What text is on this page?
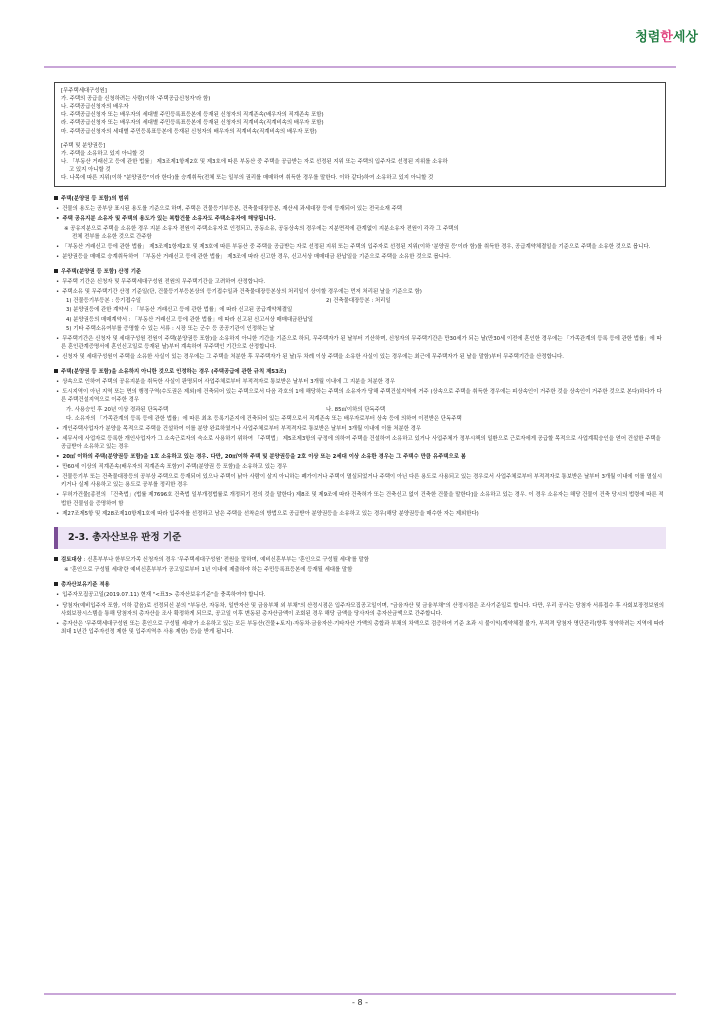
청렴한세상

[무주택세대구성원]

가. 주택의 공급을 신청하려는 사람(이하 '주택공급신청자'라 함)

나. 주택공급신청자의 배우자

다. 주택공급신청자 또는 배우자의 세대별 주민등록표등본에 등재된 신청자의 직계존속(배우자의 직계존속 포함)

라. 주택공급신청자 또는 배우자의 세대별 주민등록표등본에 등재된 신청자의 직계비속(직계비속의 배우자 포함)

마. 주택공급신청자의 세대별 주민등록표등본에 등재된 신청자의 배우자의 직계비속(직계비속의 배우자 포함)

[주택 및 분양권등]

가. 주택을 소유하고 있지 아니할 것

나. 「부동산 거래신고 등에 관한 법률」 제3조제1항제2호 및 제3호에 따른 부동산 중 주택을 공급받는 자로 선정된 지위 또는 주택의 입주자로 선정된 지위를 소유하

고 있지 아니할 것

다. 나목에 따른 지위(이하 "분양권등"이라 한다)를 승계취득(전체 또는 일부의 권리를 매매하여 취득한 경우를 말한다. 이하 같다)하여 소유하고 있지 아니할 것

주택(분양권 등 포함)의 범위

• 건물의 용도는 공부상 표시된 용도를 기준으로 하며, 주택은 건물등기부등본, 건축물대장등본, 재산세 과세대장 등에 등재되어 있는 전국소재 주택

• 주택 공유지분 소유자 및 주택의 용도가 있는 복합건물 소유자도 주택소유자에 해당됩니다.

※ 공유지분으로 주택을 소유한 경우 지분 소유자 전원이 주택소유자로 인정되고, 공동소유, 공동상속의 경우에는 지분면적에 관계없이 지분소유자 전원이 각각 그 주택의

전체 전부를 소유한 것으로 간주함

• 「부동산 거래신고 등에 관한 법률」 제3조제1항제2호 및 제3호에 따른 부동산 중 주택을 공급받는 자로 선정된 지위 또는 주택의 입주자로 선정된 지위(이하 '분양권 등'이라 함)를 취득한 경우, 공급계약체결일을 기준으로 주택을 소유한 것으로 봅니다.

• 분양권등을 매매로 승계취득하여 「부동산 거래신고 등에 관한 법률」 제3조에 따라 신고한 경우, 신고서상 매매대금 완납일을 기준으로 주택을 소유한 것으로 봅니다.

우주택(분양권 등 포함) 산정 기준

• 무주택 기간은 신청자 및 무주택세대구성원 전원의 무주택기간을 고려하여 산정합니다.

• 주택소유 및 무주택기간 산정 기준일(단, 건물등기부등본상의 등기접수일과 건축물대장등본상의 처리일이 상이할 경우에는 먼저 처리된 날을 기준으로 함)

1) 건물등기부등본 : 등기접수일	2) 건축물대장등본 : 처리일

3) 분양권등에 관한 계약서 : 「부동산 거래신고 등에 관한 법률」에 따라 신고된 공급계약체결일

4) 분양권등의 매매계약서 : 「부동산 거래신고 등에 관한 법률」에 따라 신고된 신고서상 매매대금완납일

5) 기타 주택소유여부를 증명할 수 있는 서류 : 시장 또는 군수 등 공공기관이 인정하는 날

• 무주택기간은 신청자 및 세대구성원 전원이 주택(분양권등 포함)을 소유하지 아니한 기간을 기준으로 하되, 무주택자가 된 날부터 기산하며, 신청자의 무주택기간은 만30세가 되는 날(만30세 이전에 혼인한 경우에는 「가족관계의 등록 등에 관한 법률」에 따른 혼인관계증명서에 혼인신고일로 등재된 날)부터 계속하여 무주택인 기간으로 산정합니다.

• 신청자 및 세대구성원이 주택을 소유한 사실이 있는 경우에는 그 주택을 처분한 후 무주택자가 된 날(두 차례 이상 주택을 소유한 사실이 있는 경우에는 최근에 무주택자가 된 날을 말함)부터 무주택기간을 산정합니다.

주택(분양권 등 포함)을 소유하지 아니한 것으로 인정하는 경우 (주택공급에 관한 규칙 제53조)

• 상속으로 인하여 주택의 공유지분을 취득한 사실이 판명되어 사업주체로부터 부적격자로 통보받은 날부터 3개월 이내에 그 지분을 처분한 경우

• 도시지역이 아닌 지역 또는 면의 행정구역(수도권은 제외)에 건축되어 있는 주택으로서 다음 각호의 1에 해당하는 주택의 소유자가 당해 주택건설지역에 거주 (상속으로 주택을 취득한 경우에는 피상속인이 거주한 것을 상속인이 거주한 것으로 본다)하다가 다른 주택건설지역으로 이주한 경우

가. 사용승인 후 20년 이상 경과된 단독주택	나. 85㎡이하의 단독주택

다. 소유자의 「가족관계의 등록 등에 관한 법률」에 따른 최초 등록기준지에 건축되어 있는 주택으로서 직계존속 또는 배우자로부터 상속 등에 의하여 이전받은 단독주택

• 개인주택사업자가 분양을 목적으로 주택을 건설하여 이를 분양 완료하였거나 사업주체로부터 부적격자로 통보받은 날부터 3개월 이내에 이를 처분한 경우

• 세무서에 사업자로 등록한 개인사업자가 그 소속근로자의 숙소로 사용하기 위하여 「주택법」 제5조제3항의 규정에 의하여 주택을 건설하여 소유하고 있거나 사업주체가 정부시책의 일환으로 근로자에게 공급할 목적으로 사업계획승인을 얻어 건설한 주택을 공급받아 소유하고 있는 경우

• 20㎡ 이하의 주택(분양권등 포함)을 1호 소유하고 있는 경우. 다만, 20㎡이하 주택 및 분양권등을 2호 이상 또는 2세대 이상 소유한 경우는 그 주택수 만큼 유주택으로 봄

• 만60세 이상의 직계존속(배우자의 직계존속 포함)이 주택(분양권 등 포함)을 소유하고 있는 경우

• 건물등기부 또는 건축물대장등의 공부상 주택으로 등재되어 있으나 주택이 낡아 사람이 살지 아니하는 폐가이거나 주택이 멸실되었거나 주택이 아닌 다른 용도로 사용되고 있는 경우로서 사업주체로부터 부적격자로 통보받은 날부터 3개월 이내에 이를 멸실시키거나 실제 사용하고 있는 용도로 공부를 정리한 경우

• 무허가건물[종전의 「건축법」(법률 제7696호 건축법 일부개정법률로 개정되기 전의 것을 말한다) 제8조 및 제9조에 따라 건축허가 또는 건축신고 없이 건축한 건물을 말한다]을 소유하고 있는 경우. 이 경우 소유자는 해당 건물이 건축 당시의 법령에 따른 적법한 건물임을 증명하여 함

• 제27조제5항 및 제28조제10항제1호에 따라 입주자를 선정하고 남은 주택을 선착순의 방법으로 공급받아 분양권등을 소유하고 있는 경우(해당 분양권등을 매수한 자는 제외한다)

2-3. 총자산보유 판정 기준
검토대상 : 신혼부부나 한부모가족 신청자의 경우 '무주택세대구성원' 전원을 말하며, 예비신혼부부는 '혼인으로 구성될 세대'를 말함

※ '혼인으로 구성될 세대'란 예비신혼부부가 공고일로부터 1년 이내에 제출하야 하는 주민등록표등본에 등재될 세대를 말함

총자산보유기준 적용

• 입주자모집공고일(2019.07.11) 현재 "<표3> 총자산보유기준"을 충족하여야 합니다.

• 당첨자(예비입주자 포함, 이하 같음)로 선정되신 분의 "부동산, 자동차, 일반자산 및 금융부채 외 부채"의 산정시점은 입주자모집공고일이며, "금융자산 및 금융부채"의 산정시점은 조사기준일로 합니다. 다만, 우리 공사는 당첨자 서류접수 후 사회보장정보원의 사회보장시스템을 통해 당첨자의 총자산을 조사 확정하게 되므로, 공고일 이후 변동된 총자산금액이 조회된 경우 해당 금액을 당사자의 총자산금액으로 간주합니다.

• 총자산은 '무주택세대구성원 또는 혼인으로 구성될 세대'가 소유하고 있는 모든 부동산(건물+토지)·자동차·금융자산·기타자산 가액의 총합과 부채의 차액으로 검증하여 기준 초과 시 불이익(계약체결 불가, 부적격 당첨자 명단관리(향후 청약하려는 지역에 따라 최대 1년간 입주자선정 제한 및 입주지역추 사용 제한) 등)을 받게 됩니다.

- 8 -
